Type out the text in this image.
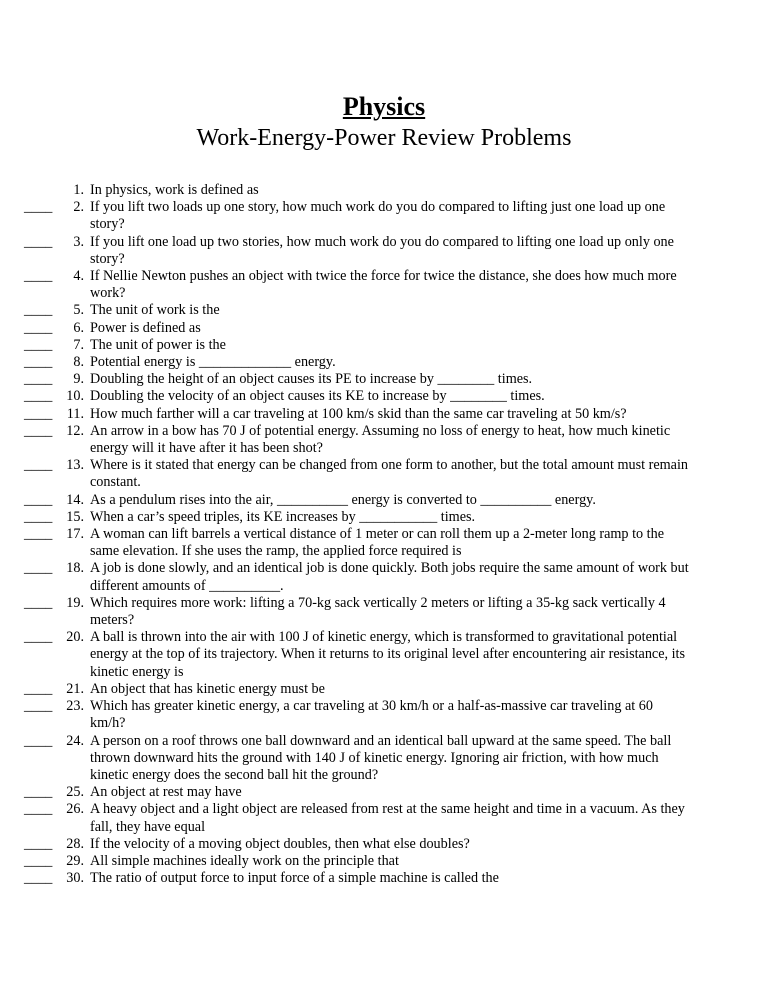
Physics
Work-Energy-Power Review Problems
1. In physics, work is defined as
____	2. If you lift two loads up one story, how much work do you do compared to lifting just one load up one story?
____	3. If you lift one load up two stories, how much work do you do compared to lifting one load up only one story?
____	4. If Nellie Newton pushes an object with twice the force for twice the distance, she does how much more work?
____	5. The unit of work is the
____	6. Power is defined as
____	7. The unit of power is the
____	8. Potential energy is _____________ energy.
____	9. Doubling the height of an object causes its PE to increase by ________ times.
____ 10. Doubling the velocity of an object causes its KE to increase by ________ times.
____	11. How much farther will a car traveling at 100 km/s skid than the same car traveling at 50 km/s?
____ 12. An arrow in a bow has 70 J of potential energy. Assuming no loss of energy to heat, how much kinetic energy will it have after it has been shot?
____ 13. Where is it stated that energy can be changed from one form to another, but the total amount must remain constant.
____ 14. As a pendulum rises into the air, __________ energy is converted to __________ energy.
____ 15. When a car’s speed triples, its KE increases by ___________ times.
____ 17. A woman can lift barrels a vertical distance of 1 meter or can roll them up a 2-meter long ramp to the same elevation. If she uses the ramp, the applied force required is
____ 18. A job is done slowly, and an identical job is done quickly. Both jobs require the same amount of work but different amounts of __________.
____ 19. Which requires more work: lifting a 70-kg sack vertically 2 meters or lifting a 35-kg sack vertically 4 meters?
____ 20. A ball is thrown into the air with 100 J of kinetic energy, which is transformed to gravitational potential energy at the top of its trajectory. When it returns to its original level after encountering air resistance, its kinetic energy is
____ 21. An object that has kinetic energy must be
____ 23. Which has greater kinetic energy, a car traveling at 30 km/h or a half-as-massive car traveling at 60 km/h?
____ 24. A person on a roof throws one ball downward and an identical ball upward at the same speed. The ball thrown downward hits the ground with 140 J of kinetic energy. Ignoring air friction, with how much kinetic energy does the second ball hit the ground?
____ 25. An object at rest may have
____ 26. A heavy object and a light object are released from rest at the same height and time in a vacuum. As they fall, they have equal
____ 28. If the velocity of a moving object doubles, then what else doubles?
____ 29. All simple machines ideally work on the principle that
____ 30. The ratio of output force to input force of a simple machine is called the
